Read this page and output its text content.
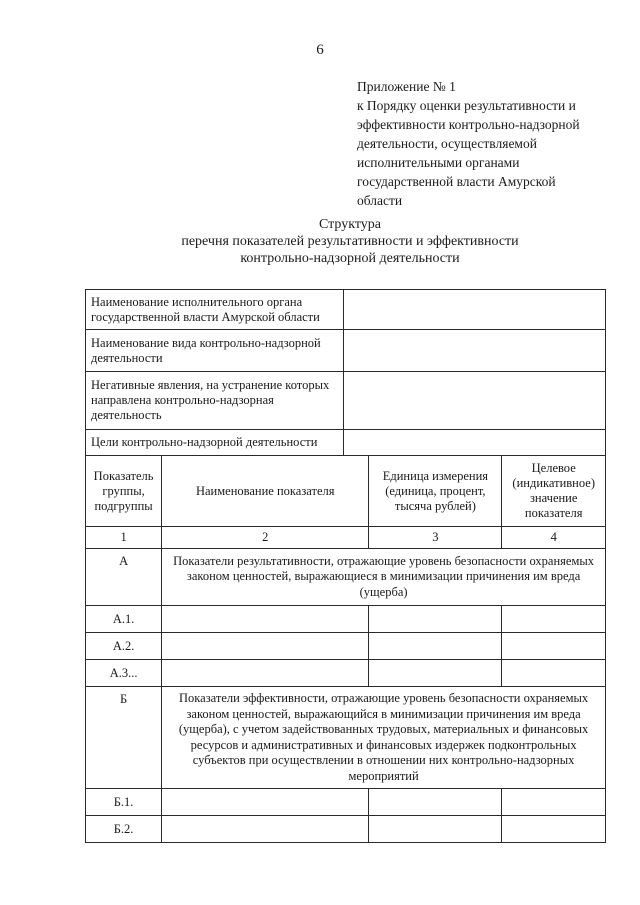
6
Приложение № 1
к Порядку оценки результативности и
эффективности контрольно-надзорной
деятельности, осуществляемой
исполнительными органами
государственной власти Амурской
области
Структура
перечня показателей результативности и эффективности
контрольно-надзорной деятельности
Наименование исполнительного органа государственной власти Амурской области	
Наименование вида контрольно-надзорной деятельности	
Негативные явления, на устранение которых направлена контрольно-надзорная деятельность	
Цели контрольно-надзорной деятельности	
Показатель группы, подгруппы	Наименование показателя	Единица измерения (единица, процент, тысяча рублей)	Целевое (индикативное) значение показателя
1	2	3	4
А	Показатели результативности, отражающие уровень безопасности охраняемых законом ценностей, выражающиеся в минимизации причинения им вреда (ущерба)		
А.1.			
А.2.			
А.3...			
Б	Показатели эффективности, отражающие уровень безопасности охраняемых законом ценностей, выражающийся в минимизации причинения им вреда (ущерба), с учетом задействованных трудовых, материальных и финансовых ресурсов и административных и финансовых издержек подконтрольных субъектов при осуществлении в отношении них контрольно-надзорных мероприятий		
Б.1.			
Б.2.			
